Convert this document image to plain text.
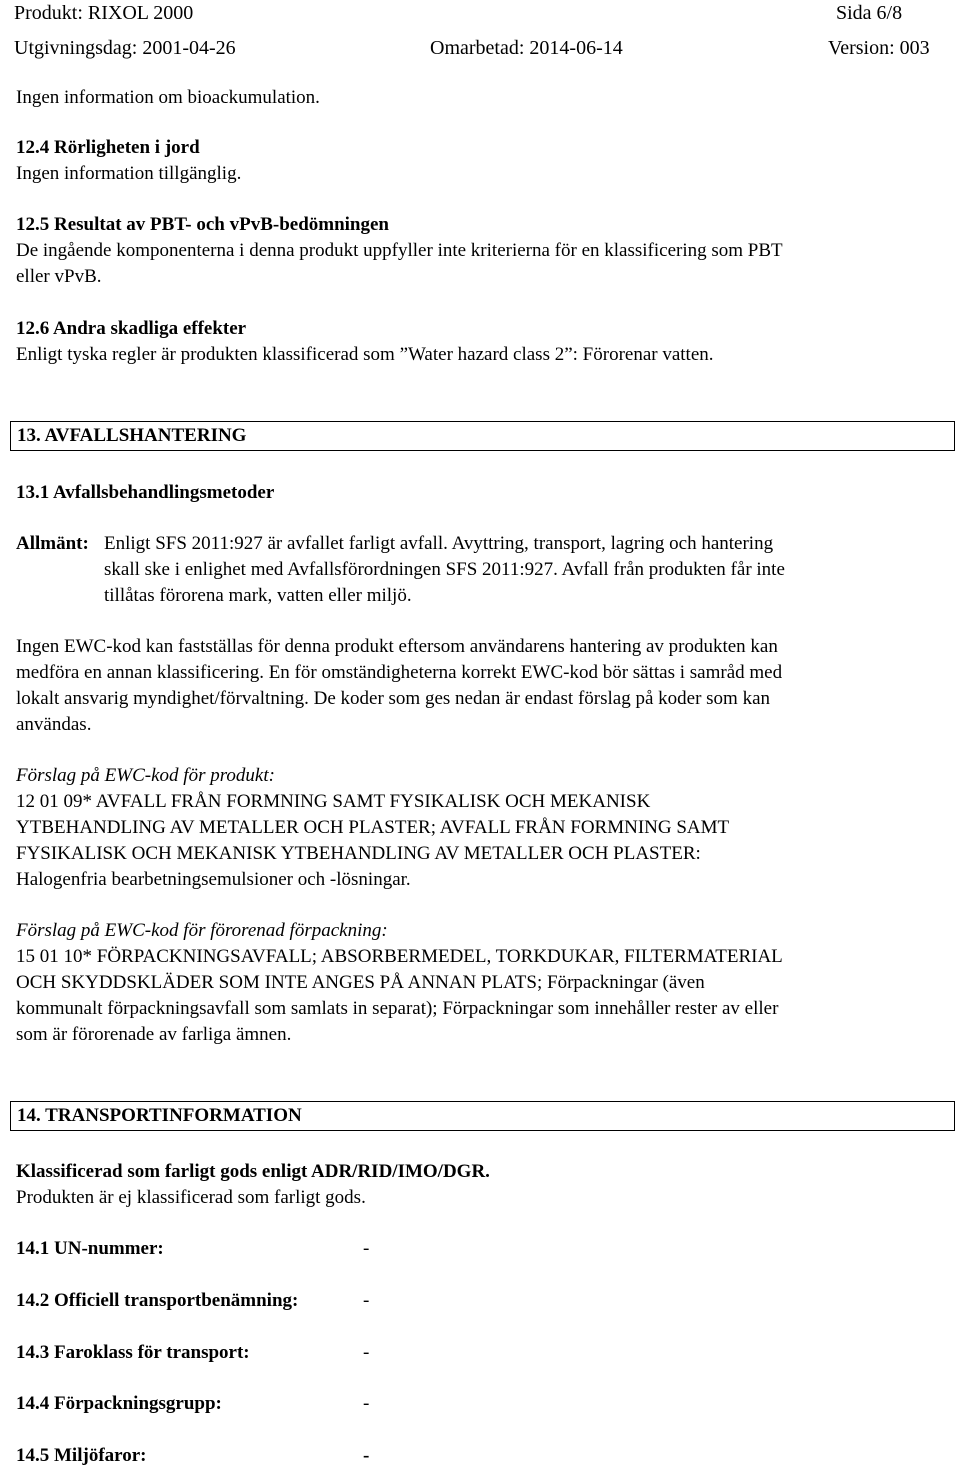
Produkt: RIXOL 2000	Sida 6/8
Utgivningsdag: 2001-04-26	Omarbetad: 2014-06-14	Version: 003
Ingen information om bioackumulation.
12.4 Rörligheten i jord
Ingen information tillgänglig.
12.5 Resultat av PBT- och vPvB-bedömningen
De ingående komponenterna i denna produkt uppfyller inte kriterierna för en klassificering som PBT
eller vPvB.
12.6 Andra skadliga effekter
Enligt tyska regler är produkten klassificerad som ”Water hazard class 2”: Förorenar vatten.
13. AVFALLSHANTERING
13.1 Avfallsbehandlingsmetoder
Allmänt: Enligt SFS 2011:927 är avfallet farligt avfall. Avyttring, transport, lagring och hantering
skall ske i enlighet med Avfallsförordningen SFS 2011:927. Avfall från produkten får inte
tillåtas förorena mark, vatten eller miljö.
Ingen EWC-kod kan fastställas för denna produkt eftersom användarens hantering av produkten kan
medföra en annan klassificering. En för omständigheterna korrekt EWC-kod bör sättas i samråd med
lokalt ansvarig myndighet/förvaltning. De koder som ges nedan är endast förslag på koder som kan
användas.
Förslag på EWC-kod för produkt:
12 01 09* AVFALL FRÅN FORMNING SAMT FYSIKALISK OCH MEKANISK
YTBEHANDLING AV METALLER OCH PLASTER; AVFALL FRÅN FORMNING SAMT
FYSIKALISK OCH MEKANISK YTBEHANDLING AV METALLER OCH PLASTER:
Halogenfria bearbetningsemulsioner och -lösningar.
Förslag på EWC-kod för förorenad förpackning:
15 01 10* FÖRPACKNINGSAVFALL; ABSORBERMEDEL, TORKDUKAR, FILTERMATERIAL
OCH SKYDDSKLÄDER SOM INTE ANGES PÅ ANNAN PLATS; Förpackningar (även
kommunalt förpackningsavfall som samlats in separat); Förpackningar som innehåller rester av eller
som är förorenade av farliga ämnen.
14. TRANSPORTINFORMATION
Klassificerad som farligt gods enligt ADR/RID/IMO/DGR.
Produkten är ej klassificerad som farligt gods.
14.1 UN-nummer:	-
14.2 Officiell transportbenämning:	-
14.3 Faroklass för transport:	-
14.4 Förpackningsgrupp:	-
14.5 Miljöfaror:	-
